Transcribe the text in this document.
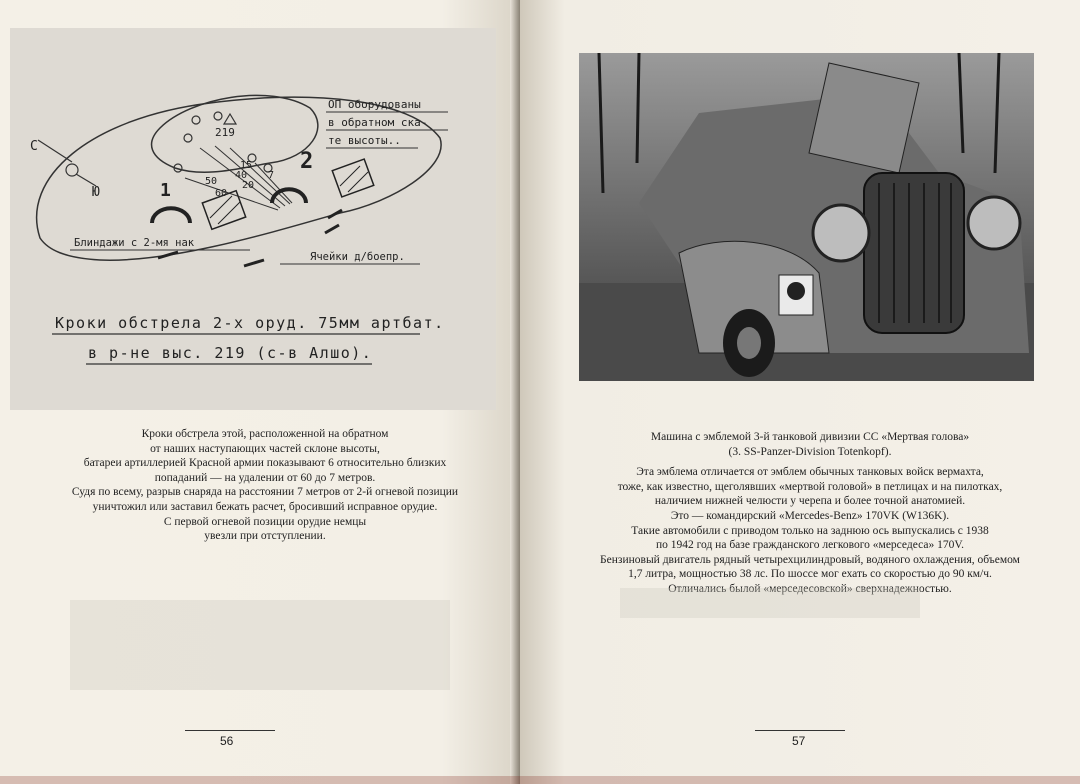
С
Ю
219
50
60
40
20
15
7
1
2
Блиндажи с 2-мя нак
Ячейки д/боепр.
ОП оборудованы
в обратном ска-
те высоты..
Кроки обстрела 2-х оруд. 75мм артбат.
в р-не выс. 219 (с-в Алшо).
Кроки обстрела этой, расположенной на обратном
от наших наступающих частей склоне высоты,
батареи артиллерией Красной армии показывают 6 относительно близких
попаданий — на удалении от 60 до 7 метров.
Судя по всему, разрыв снаряда на расстоянии 7 метров от 2-й огневой позиции
уничтожил или заставил бежать расчет, бросивший исправное орудие.
С первой огневой позиции орудие немцы
увезли при отступлении.
56
Машина с эмблемой 3-й танковой дивизии СС «Мертвая голова»
(3. SS-Panzer-Division Totenkopf).
Эта эмблема отличается от эмблем обычных танковых войск вермахта,
тоже, как известно, щеголявших «мертвой головой» в петлицах и на пилотках,
наличием нижней челюсти у черепа и более точной анатомией.
Это — командирский «Mercedes-Benz» 170VK (W136K).
Такие автомобили с приводом только на заднюю ось выпускались с 1938
по 1942 год на базе гражданского легкового «мерседеса» 170V.
Бензиновый двигатель рядный четырехцилиндровый, водяного охлаждения, объемом
1,7 литра, мощностью 38 лс. По шоссе мог ехать со скоростью до 90 км/ч.
Отличались былой «мерседесовской» сверхнадежностью.
57
